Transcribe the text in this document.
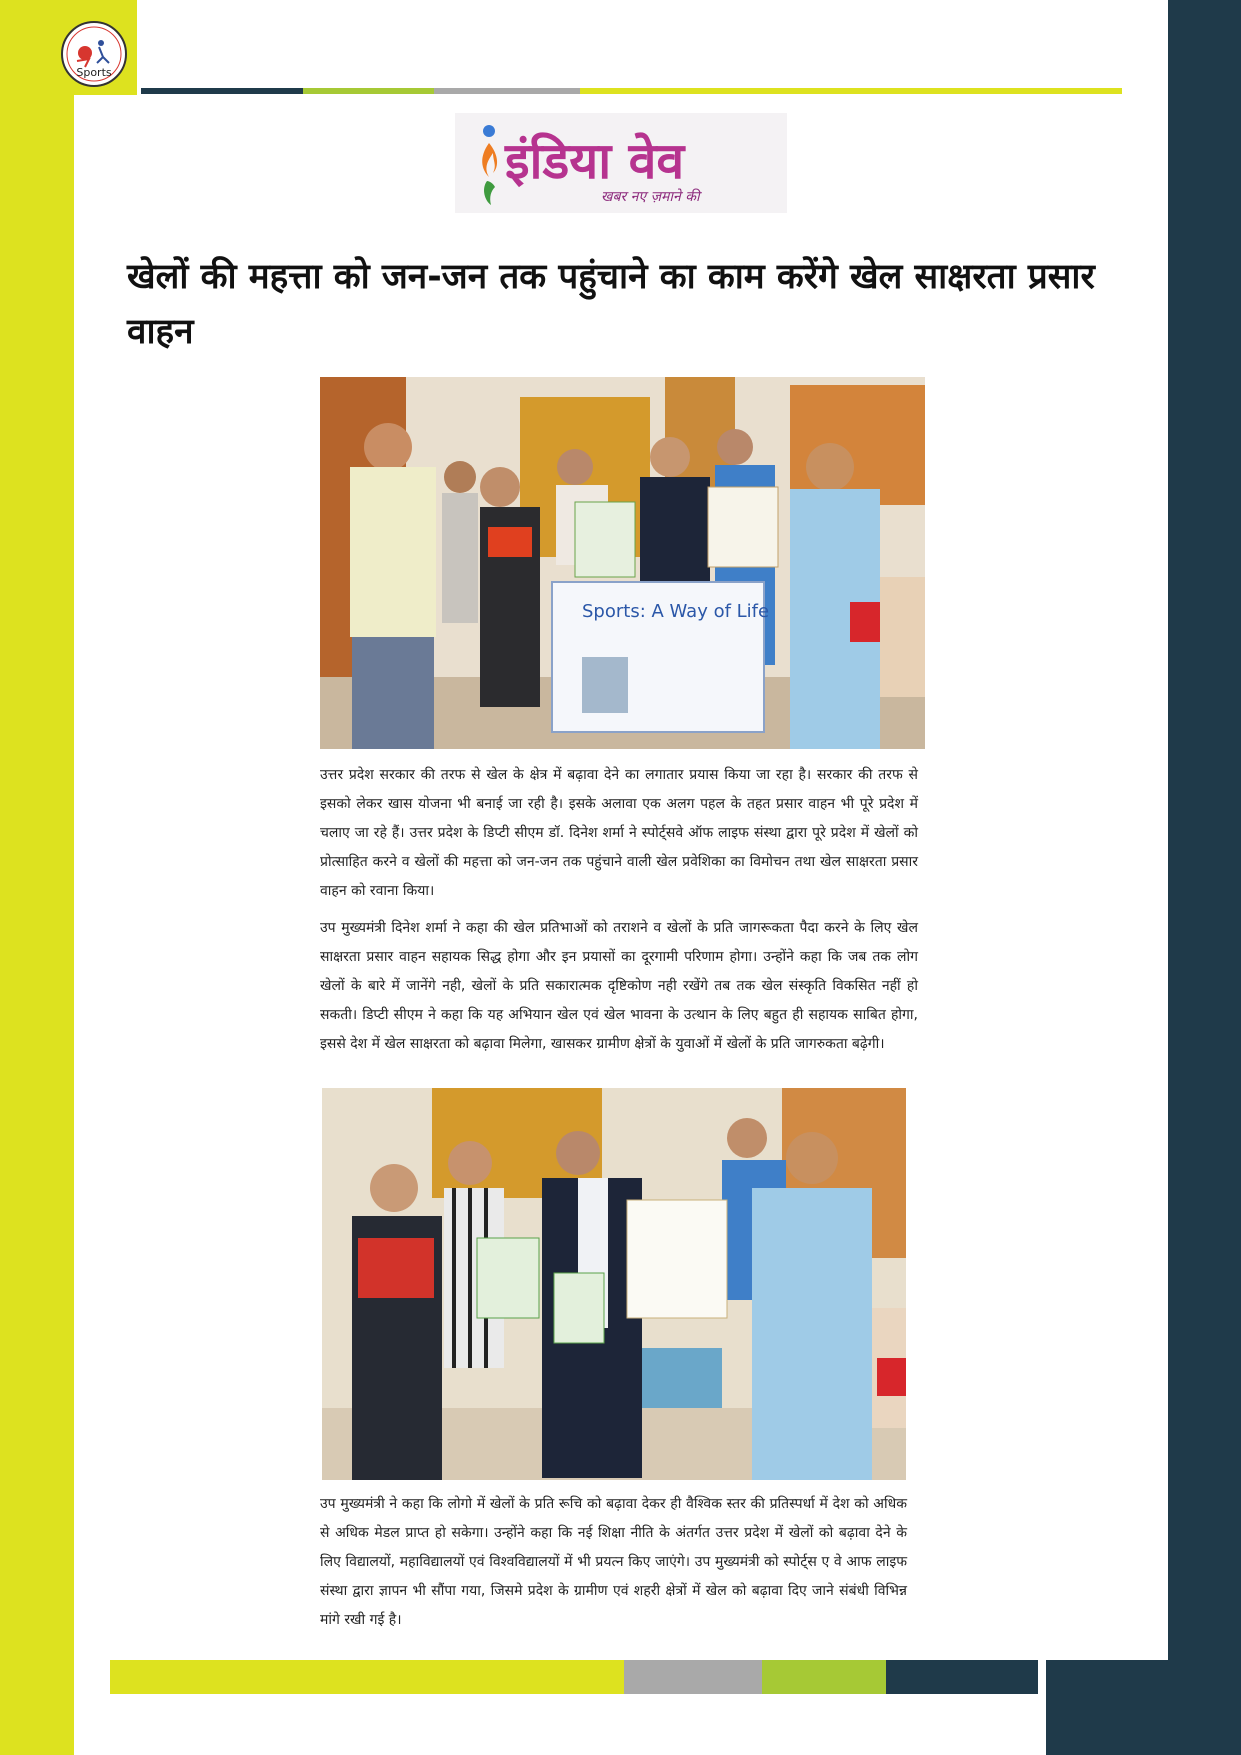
Sports
इंडिया वेव
खबर नए ज़माने की
खेलों की महत्ता को जन-जन तक पहुंचाने का काम करेंगे खेल साक्षरता प्रसार वाहन
Sports: A Way of Life

उत्तर प्रदेश सरकार की तरफ से खेल के क्षेत्र में बढ़ावा देने का लगातार प्रयास किया जा रहा है। सरकार की तरफ से इसको लेकर खास योजना भी बनाई जा रही है। इसके अलावा एक अलग पहल के तहत प्रसार वाहन भी पूरे प्रदेश में चलाए जा रहे हैं। उत्तर प्रदेश के डिप्टी सीएम डॉ. दिनेश शर्मा ने स्पोर्ट्सवे ऑफ लाइफ संस्था द्वारा पूरे प्रदेश में खेलों को प्रोत्साहित करने व खेलों की महत्ता को जन-जन तक पहुंचाने वाली खेल प्रवेशिका का विमोचन तथा खेल साक्षरता प्रसार वाहन को रवाना किया।

उप मुख्यमंत्री दिनेश शर्मा ने कहा की खेल प्रतिभाओं को तराशने व खेलों के प्रति जागरूकता पैदा करने के लिए खेल साक्षरता प्रसार वाहन सहायक सिद्ध होगा और इन प्रयासों का दूरगामी परिणाम होगा। उन्होंने कहा कि जब तक लोग खेलों के बारे में जानेंगे नही, खेलों के प्रति सकारात्मक दृष्टिकोण नही रखेंगे तब तक खेल संस्कृति विकसित नहीं हो सकती। डिप्टी सीएम ने कहा कि यह अभियान खेल एवं खेल भावना के उत्थान के लिए बहुत ही सहायक साबित होगा, इससे देश में खेल साक्षरता को बढ़ावा मिलेगा, खासकर ग्रामीण क्षेत्रों के युवाओं में खेलों के प्रति जागरुकता बढ़ेगी।

उप मुख्यमंत्री ने कहा कि लोगो में खेलों के प्रति रूचि को बढ़ावा देकर ही वैश्विक स्तर की प्रतिस्पर्धा में देश को अधिक से अधिक मेडल प्राप्त हो सकेगा। उन्होंने कहा कि नई शिक्षा नीति के अंतर्गत उत्तर प्रदेश में खेलों को बढ़ावा देने के लिए विद्यालयों, महाविद्यालयों एवं विश्वविद्यालयों में भी प्रयत्न किए जाएंगे। उप मुख्यमंत्री को स्पोर्ट्स ए वे आफ लाइफ संस्था द्वारा ज्ञापन भी सौंपा गया, जिसमे प्रदेश के ग्रामीण एवं शहरी क्षेत्रों में खेल को बढ़ावा दिए जाने संबंधी विभिन्न मांगे रखी गई है।
